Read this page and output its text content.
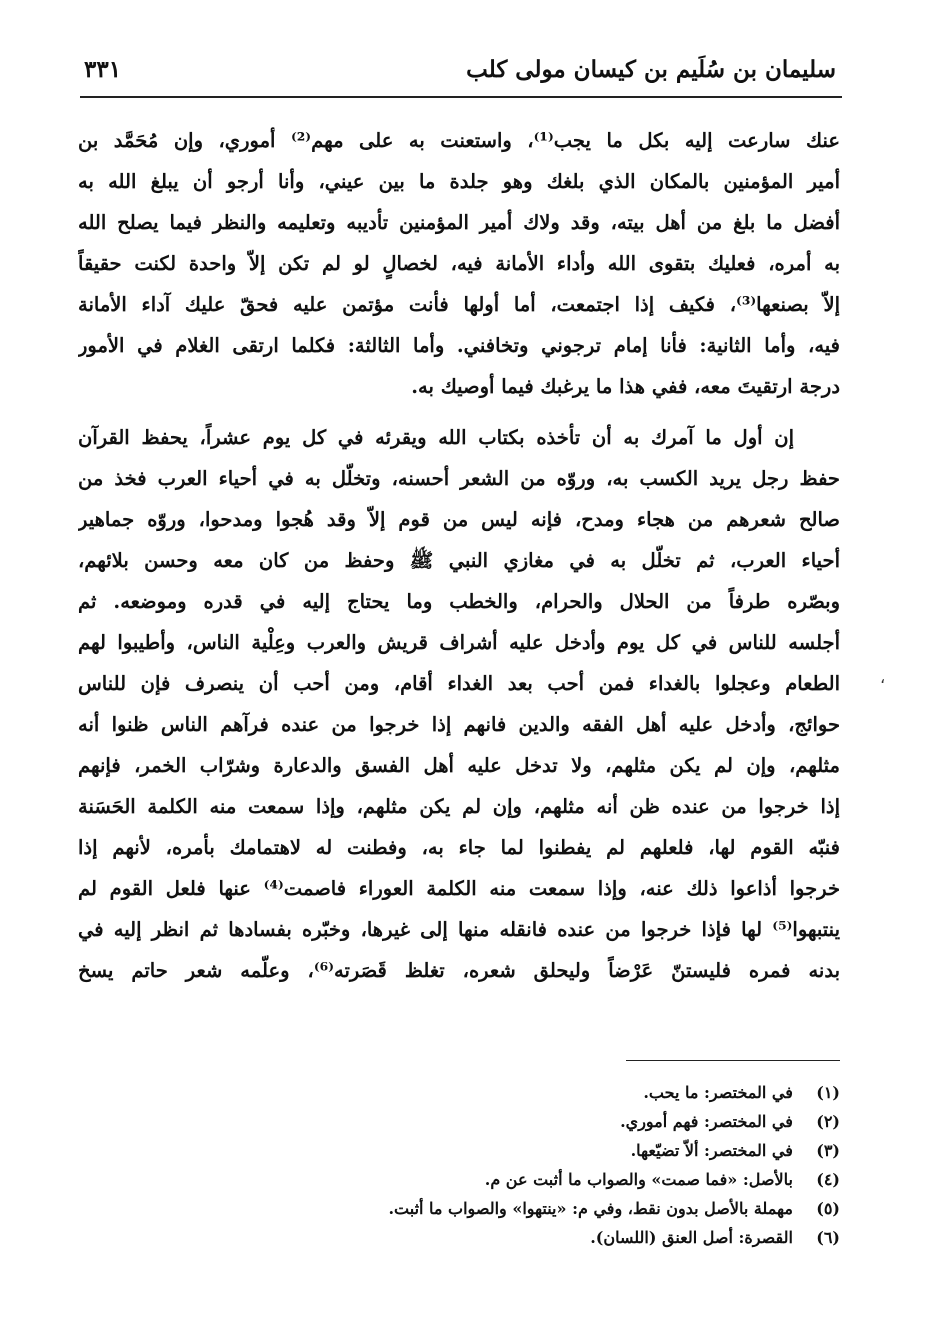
سليمان بن سُلَيم بن كيسان مولى كلب
٣٣١
عنك سارعت إليه بكل ما يجب⁽¹⁾، واستعنت به على مهم⁽²⁾ أموري، وإن مُحَمَّد بن
أمير المؤمنين بالمكان الذي بلغك وهو جلدة ما بين عيني، وأنا أرجو أن يبلغ الله به
أفضل ما بلغ من أهل بيته، وقد ولاك أمير المؤمنين تأديبه وتعليمه والنظر فيما يصلح الله
به أمره، فعليك بتقوى الله وأداء الأمانة فيه، لخصالٍ لو لم تكن إلاّ واحدة لكنت حقيقاً
إلاّ بصنعها⁽³⁾، فكيف إذا اجتمعت، أما أولها فأنت مؤتمن عليه فحقّ عليك آداء الأمانة
فيه، وأما الثانية: فأنا إمام ترجوني وتخافني. وأما الثالثة: فكلما ارتقى الغلام في الأمور
درجة ارتقيتَ معه، ففي هذا ما يرغبك فيما أوصيك به.
إن أول ما آمرك به أن تأخذه بكتاب الله ويقرئه في كل يوم عشراً، يحفظ القرآن
حفظ رجل يريد الكسب به، وروّه من الشعر أحسنه، وتخلّل به في أحياء العرب فخذ من
صالح شعرهم من هجاء ومدح، فإنه ليس من قوم إلاّ وقد هُجوا ومدحوا، وروّه جماهير
أحياء العرب، ثم تخلّل به في مغازي النبي ﷺ وحفظ من كان معه وحسن بلائهم،
وبصّره طرفاً من الحلال والحرام، والخطب وما يحتاج إليه في قدره وموضعه. ثم
أجلسه للناس في كل يوم وأدخل عليه أشراف قريش والعرب وعِلْية الناس، وأطيبوا لهم
الطعام وعجلوا بالغداء فمن أحب بعد الغداء أقام، ومن أحب أن ينصرف فإن للناس
حوائج، وأدخل عليه أهل الفقه والدين فانهم إذا خرجوا من عنده فرآهم الناس ظنوا أنه
مثلهم، وإن لم يكن مثلهم، ولا تدخل عليه أهل الفسق والدعارة وشرّاب الخمر، فإنهم
إذا خرجوا من عنده ظن أنه مثلهم، وإن لم يكن مثلهم، وإذا سمعت منه الكلمة الحَسَنة
فنبّه القوم لها، فلعلهم لم يفطنوا لما جاء به، وفطنت له لاهتمامك بأمره، لأنهم إذا
خرجوا أذاعوا ذلك عنه، وإذا سمعت منه الكلمة العوراء فاصمت⁽⁴⁾ عنها فلعل القوم لم
ينتبهوا⁽⁵⁾ لها فإذا خرجوا من عنده فانقله منها إلى غيرها، وخبّره بفسادها ثم انظر إليه في
بدنه فمره فليستنّ عَرْضاً وليحلق شعره، تغلظ قَصَرته⁽⁶⁾، وعلّمه شعر حاتم يسخ
،
(١) في المختصر: ما يحب.
(٢) في المختصر: فهم أموري.
(٣) في المختصر: ألاّ تضيّعها.
(٤) بالأصل: «فما صمت» والصواب ما أثبت عن م.
(٥) مهملة بالأصل بدون نقط، وفي م: «ينتهوا» والصواب ما أثبت.
(٦) القصرة: أصل العنق (اللسان).
